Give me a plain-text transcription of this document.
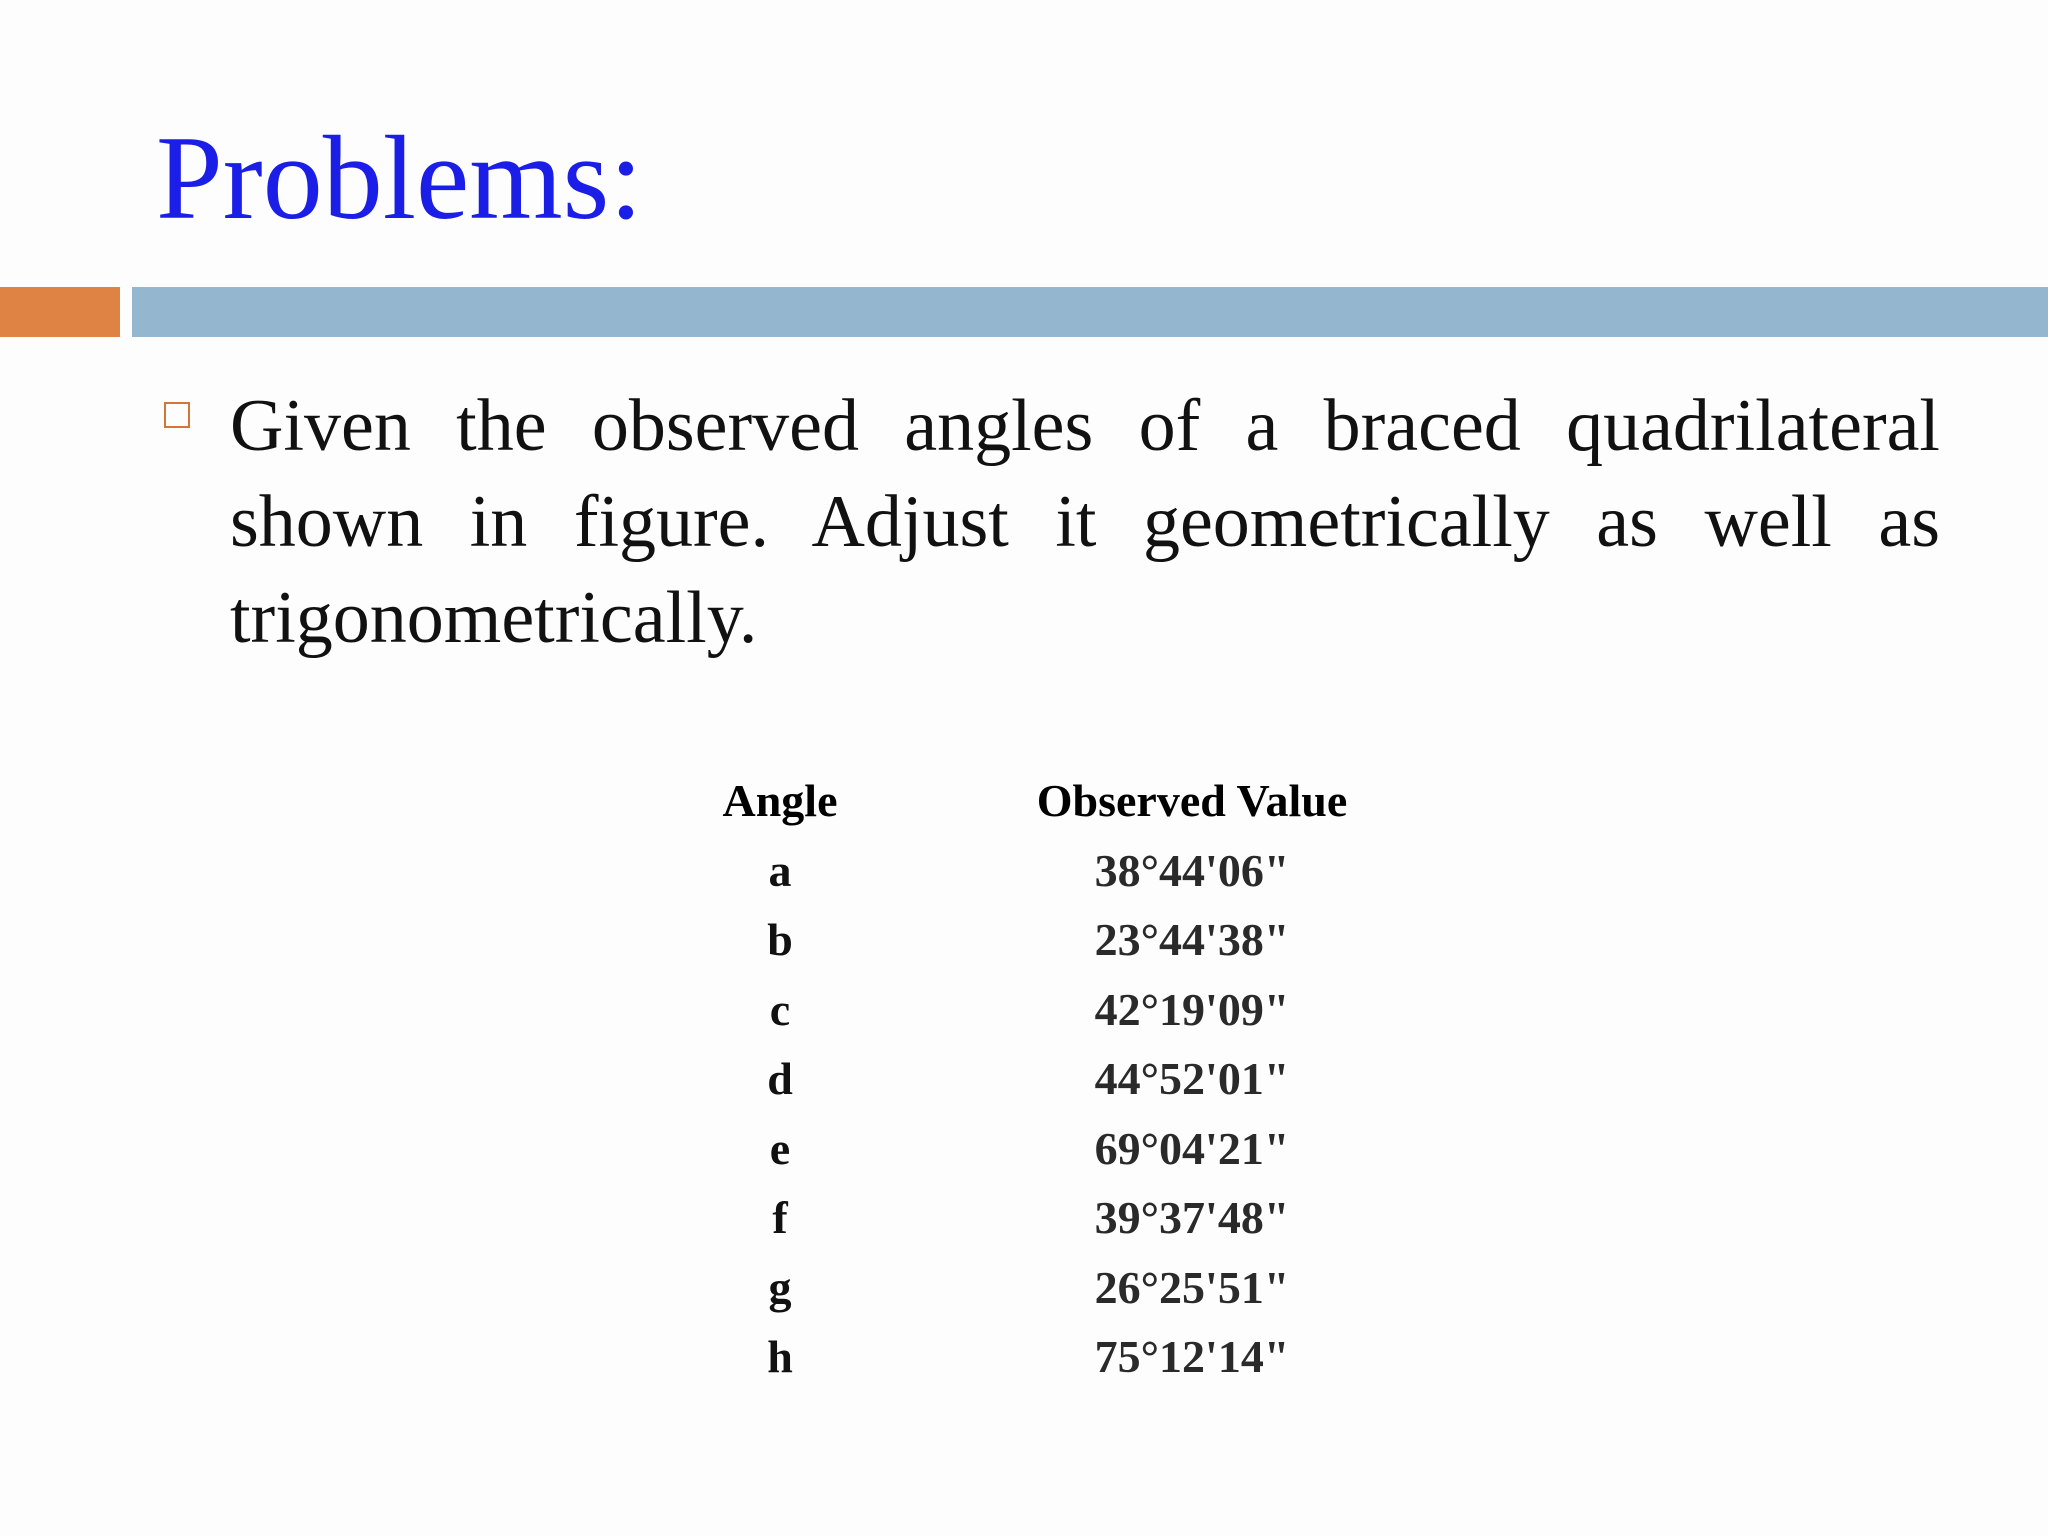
Problems:
Given the observed angles of a braced quadrilateral shown in figure. Adjust it geometrically as well as trigonometrically.
Angle	Observed Value
a	38°44'06"
b	23°44'38"
c	42°19'09"
d	44°52'01"
e	69°04'21"
f	39°37'48"
g	26°25'51"
h	75°12'14"
